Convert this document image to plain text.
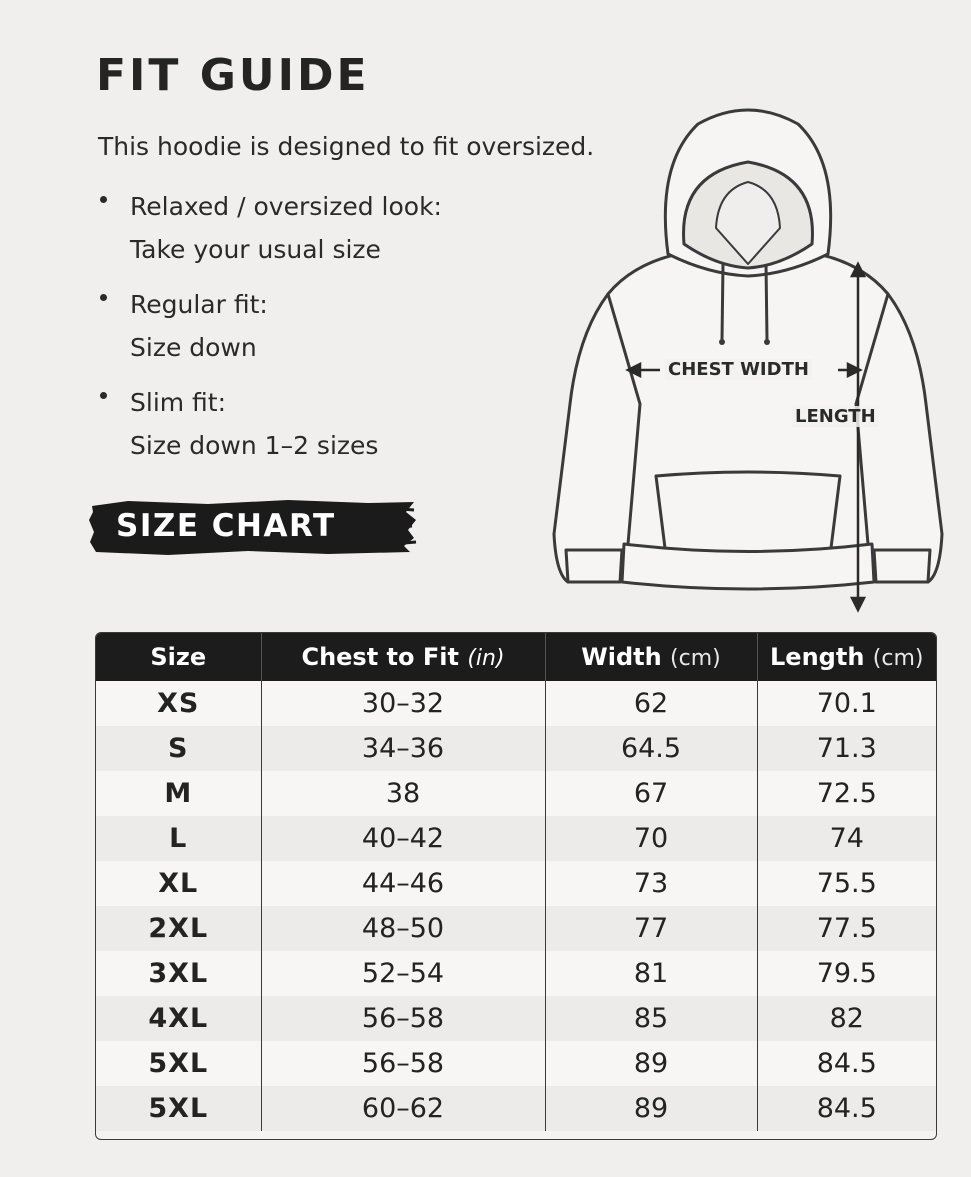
FIT GUIDE
This hoodie is designed to fit oversized.
Relaxed / oversized look:
Take your usual size
Regular fit:
Size down
Slim fit:
Size down 1–2 sizes
SIZE CHART
CHEST WIDTH
LENGTH
Size	Chest to Fit (in)	Width (cm)	Length (cm)
XS	30–32	62	70.1
S	34–36	64.5	71.3
M	38	67	72.5
L	40–42	70	74
XL	44–46	73	75.5
2XL	48–50	77	77.5
3XL	52–54	81	79.5
4XL	56–58	85	82
5XL	56–58	89	84.5
5XL	60–62	89	84.5
